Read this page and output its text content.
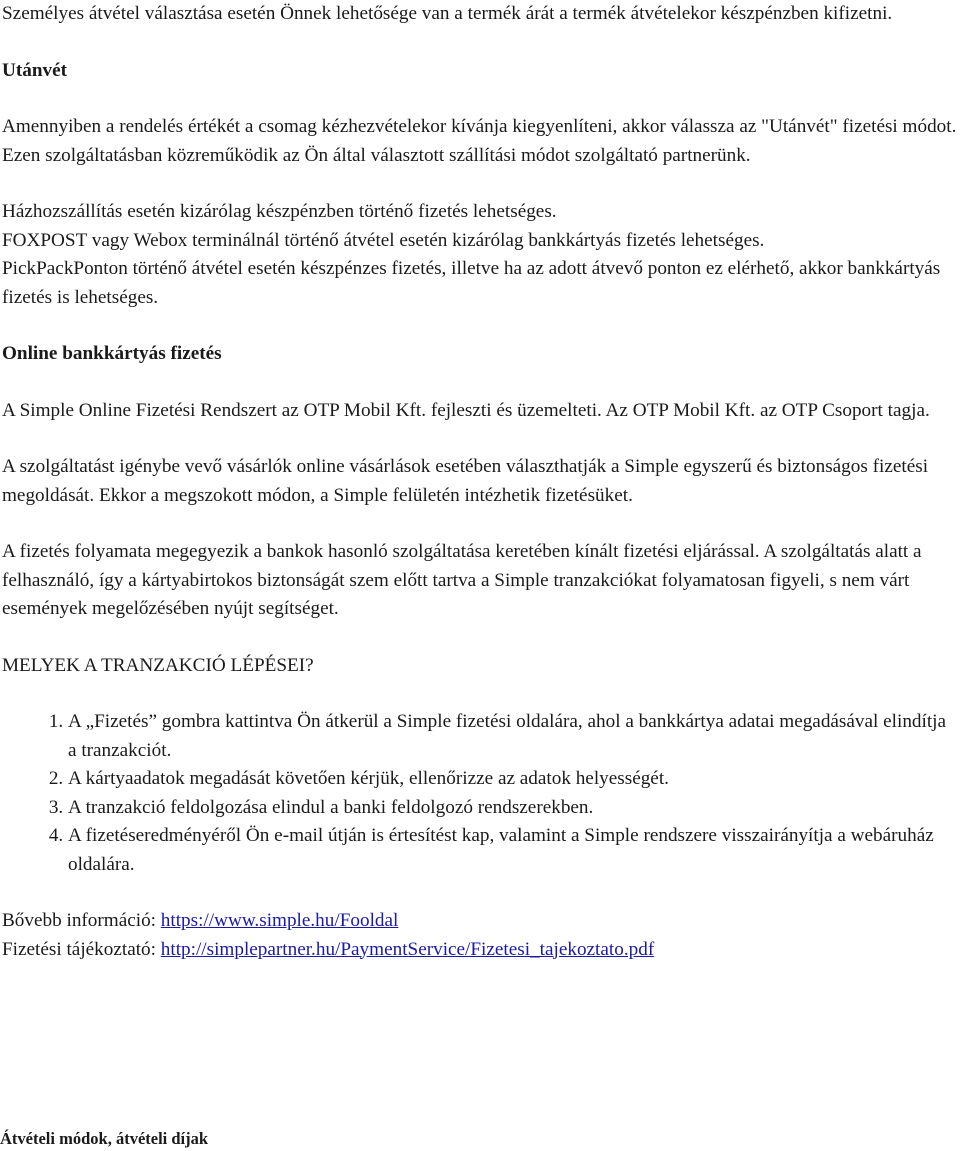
Személyes átvétel választása esetén Önnek lehetősége van a termék árát a termék átvételekor készpénzben kifizetni.

Utánvét

Amennyiben a rendelés értékét a csomag kézhezvételekor kívánja kiegyenlíteni, akkor válassza az "Utánvét" fizetési módot. Ezen szolgáltatásban közreműködik az Ön által választott szállítási módot szolgáltató partnerünk.

Házhozszállítás esetén kizárólag készpénzben történő fizetés lehetséges.

FOXPOST vagy Webox terminálnál történő átvétel esetén kizárólag bankkártyás fizetés lehetséges.

PickPackPonton történő átvétel esetén készpénzes fizetés, illetve ha az adott átvevő ponton ez elérhető, akkor bankkártyás fizetés is lehetséges.

Online bankkártyás fizetés

A Simple Online Fizetési Rendszert az OTP Mobil Kft. fejleszti és üzemelteti. Az OTP Mobil Kft. az OTP Csoport tagja.

A szolgáltatást igénybe vevő vásárlók online vásárlások esetében választhatják a Simple egyszerű és biztonságos fizetési megoldását. Ekkor a megszokott módon, a Simple felületén intézhetik fizetésüket.

A fizetés folyamata megegyezik a bankok hasonló szolgáltatása keretében kínált fizetési eljárással. A szolgáltatás alatt a felhasználó, így a kártyabirtokos biztonságát szem előtt tartva a Simple tranzakciókat folyamatosan figyeli, s nem várt események megelőzésében nyújt segítséget.

MELYEK A TRANZAKCIÓ LÉPÉSEI?

1. A „Fizetés” gombra kattintva Ön átkerül a Simple fizetési oldalára, ahol a bankkártya adatai megadásával elindítja a tranzakciót.
2. A kártyaadatok megadását követően kérjük, ellenőrizze az adatok helyességét.
3. A tranzakció feldolgozása elindul a banki feldolgozó rendszerekben.
4. A fizetéseredményéről Ön e-mail útján is értesítést kap, valamint a Simple rendszere visszairányítja a webáruház oldalára.

Bővebb információ: https://www.simple.hu/Fooldal

Fizetési tájékoztató: http://simplepartner.hu/PaymentService/Fizetesi_tajekoztato.pdf

Átvételi módok, átvételi díjak
